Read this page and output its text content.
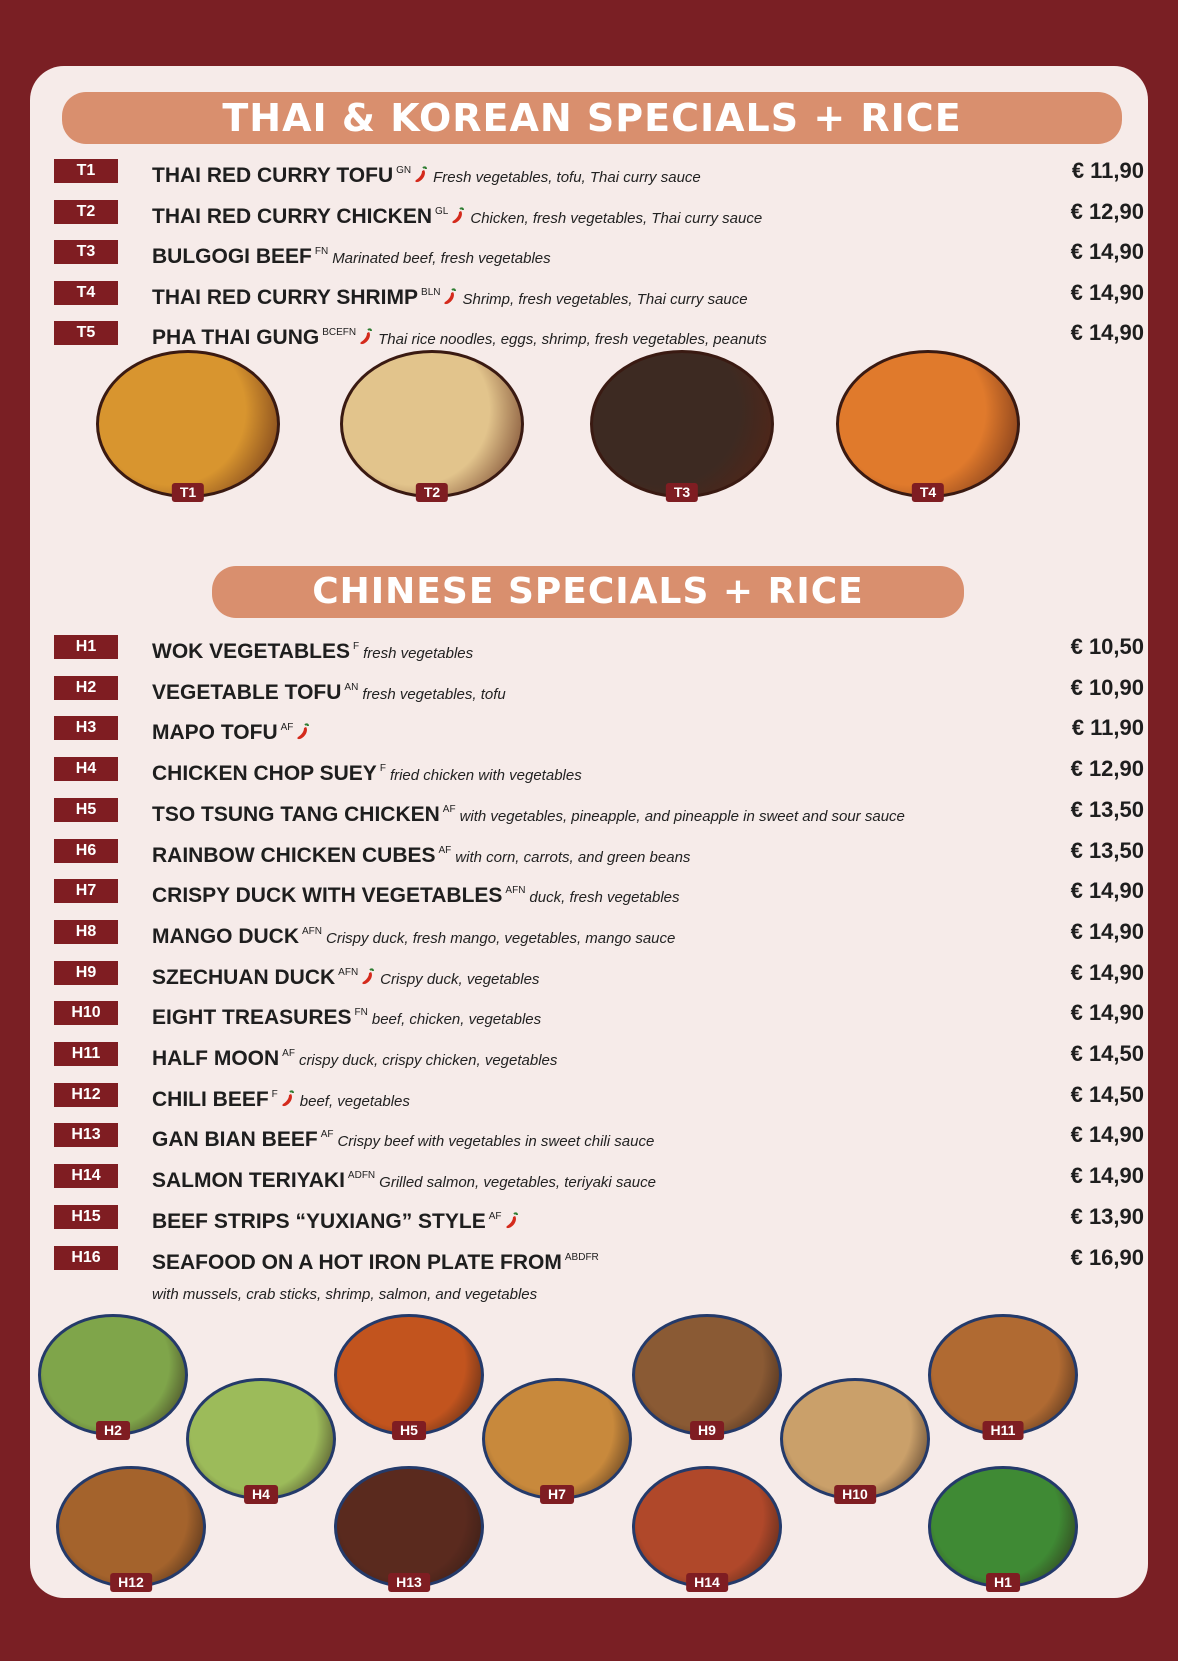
THAI & KOREAN SPECIALS + RICE
T1	THAI RED CURRY TOFU $^{GN}$ Fresh vegetables, tofu, Thai curry sauce	€ 11,90
T2	THAI RED CURRY CHICKEN $^{GL}$ Chicken, fresh vegetables, Thai curry sauce	€ 12,90
T3	BULGOGI BEEF $^{FN}$ Marinated beef, fresh vegetables	€ 14,90
T4	THAI RED CURRY SHRIMP $^{BLN}$ Shrimp, fresh vegetables, Thai curry sauce	€ 14,90
T5	PHA THAI GUNG $^{BCEFN}$ Thai rice noodles, eggs, shrimp, fresh vegetables, peanuts	€ 14,90
T1	T2	T3	T4
CHINESE SPECIALS + RICE
H1	WOK VEGETABLES $^F$ fresh vegetables	€ 10,50
H2	VEGETABLE TOFU $^{AN}$ fresh vegetables, tofu	€ 10,90
H3	MAPO TOFU $^{AF}$	€ 11,90
H4	CHICKEN CHOP SUEY $^F$ fried chicken with vegetables	€ 12,90
H5	TSO TSUNG TANG CHICKEN $^{AF}$ with vegetables, pineapple, and pineapple in sweet and sour sauce	€ 13,50
H6	RAINBOW CHICKEN CUBES $^{AF}$ with corn, carrots, and green beans	€ 13,50
H7	CRISPY DUCK WITH VEGETABLES $^{AFN}$ duck, fresh vegetables	€ 14,90
H8	MANGO DUCK $^{AFN}$ Crispy duck, fresh mango, vegetables, mango sauce	€ 14,90
H9	SZECHUAN DUCK $^{AFN}$ Crispy duck, vegetables	€ 14,90
H10	EIGHT TREASURES $^{FN}$ beef, chicken, vegetables	€ 14,90
H11	HALF MOON $^{AF}$ crispy duck, crispy chicken, vegetables	€ 14,50
H12	CHILI BEEF $^F$ beef, vegetables	€ 14,50
H13	GAN BIAN BEEF $^{AF}$ Crispy beef with vegetables in sweet chili sauce	€ 14,90
H14	SALMON TERIYAKI $^{ADFN}$ Grilled salmon, vegetables, teriyaki sauce	€ 14,90
H15	BEEF STRIPS “YUXIANG” STYLE $^{AF}$	€ 13,90
H16	SEAFOOD ON A HOT IRON PLATE FROM $^{ABDFR}$	€ 16,90
with mussels, crab sticks, shrimp, salmon, and vegetables
H2
H4
H5
H7
H9
H10
H11
H12	H13	H14	H1
